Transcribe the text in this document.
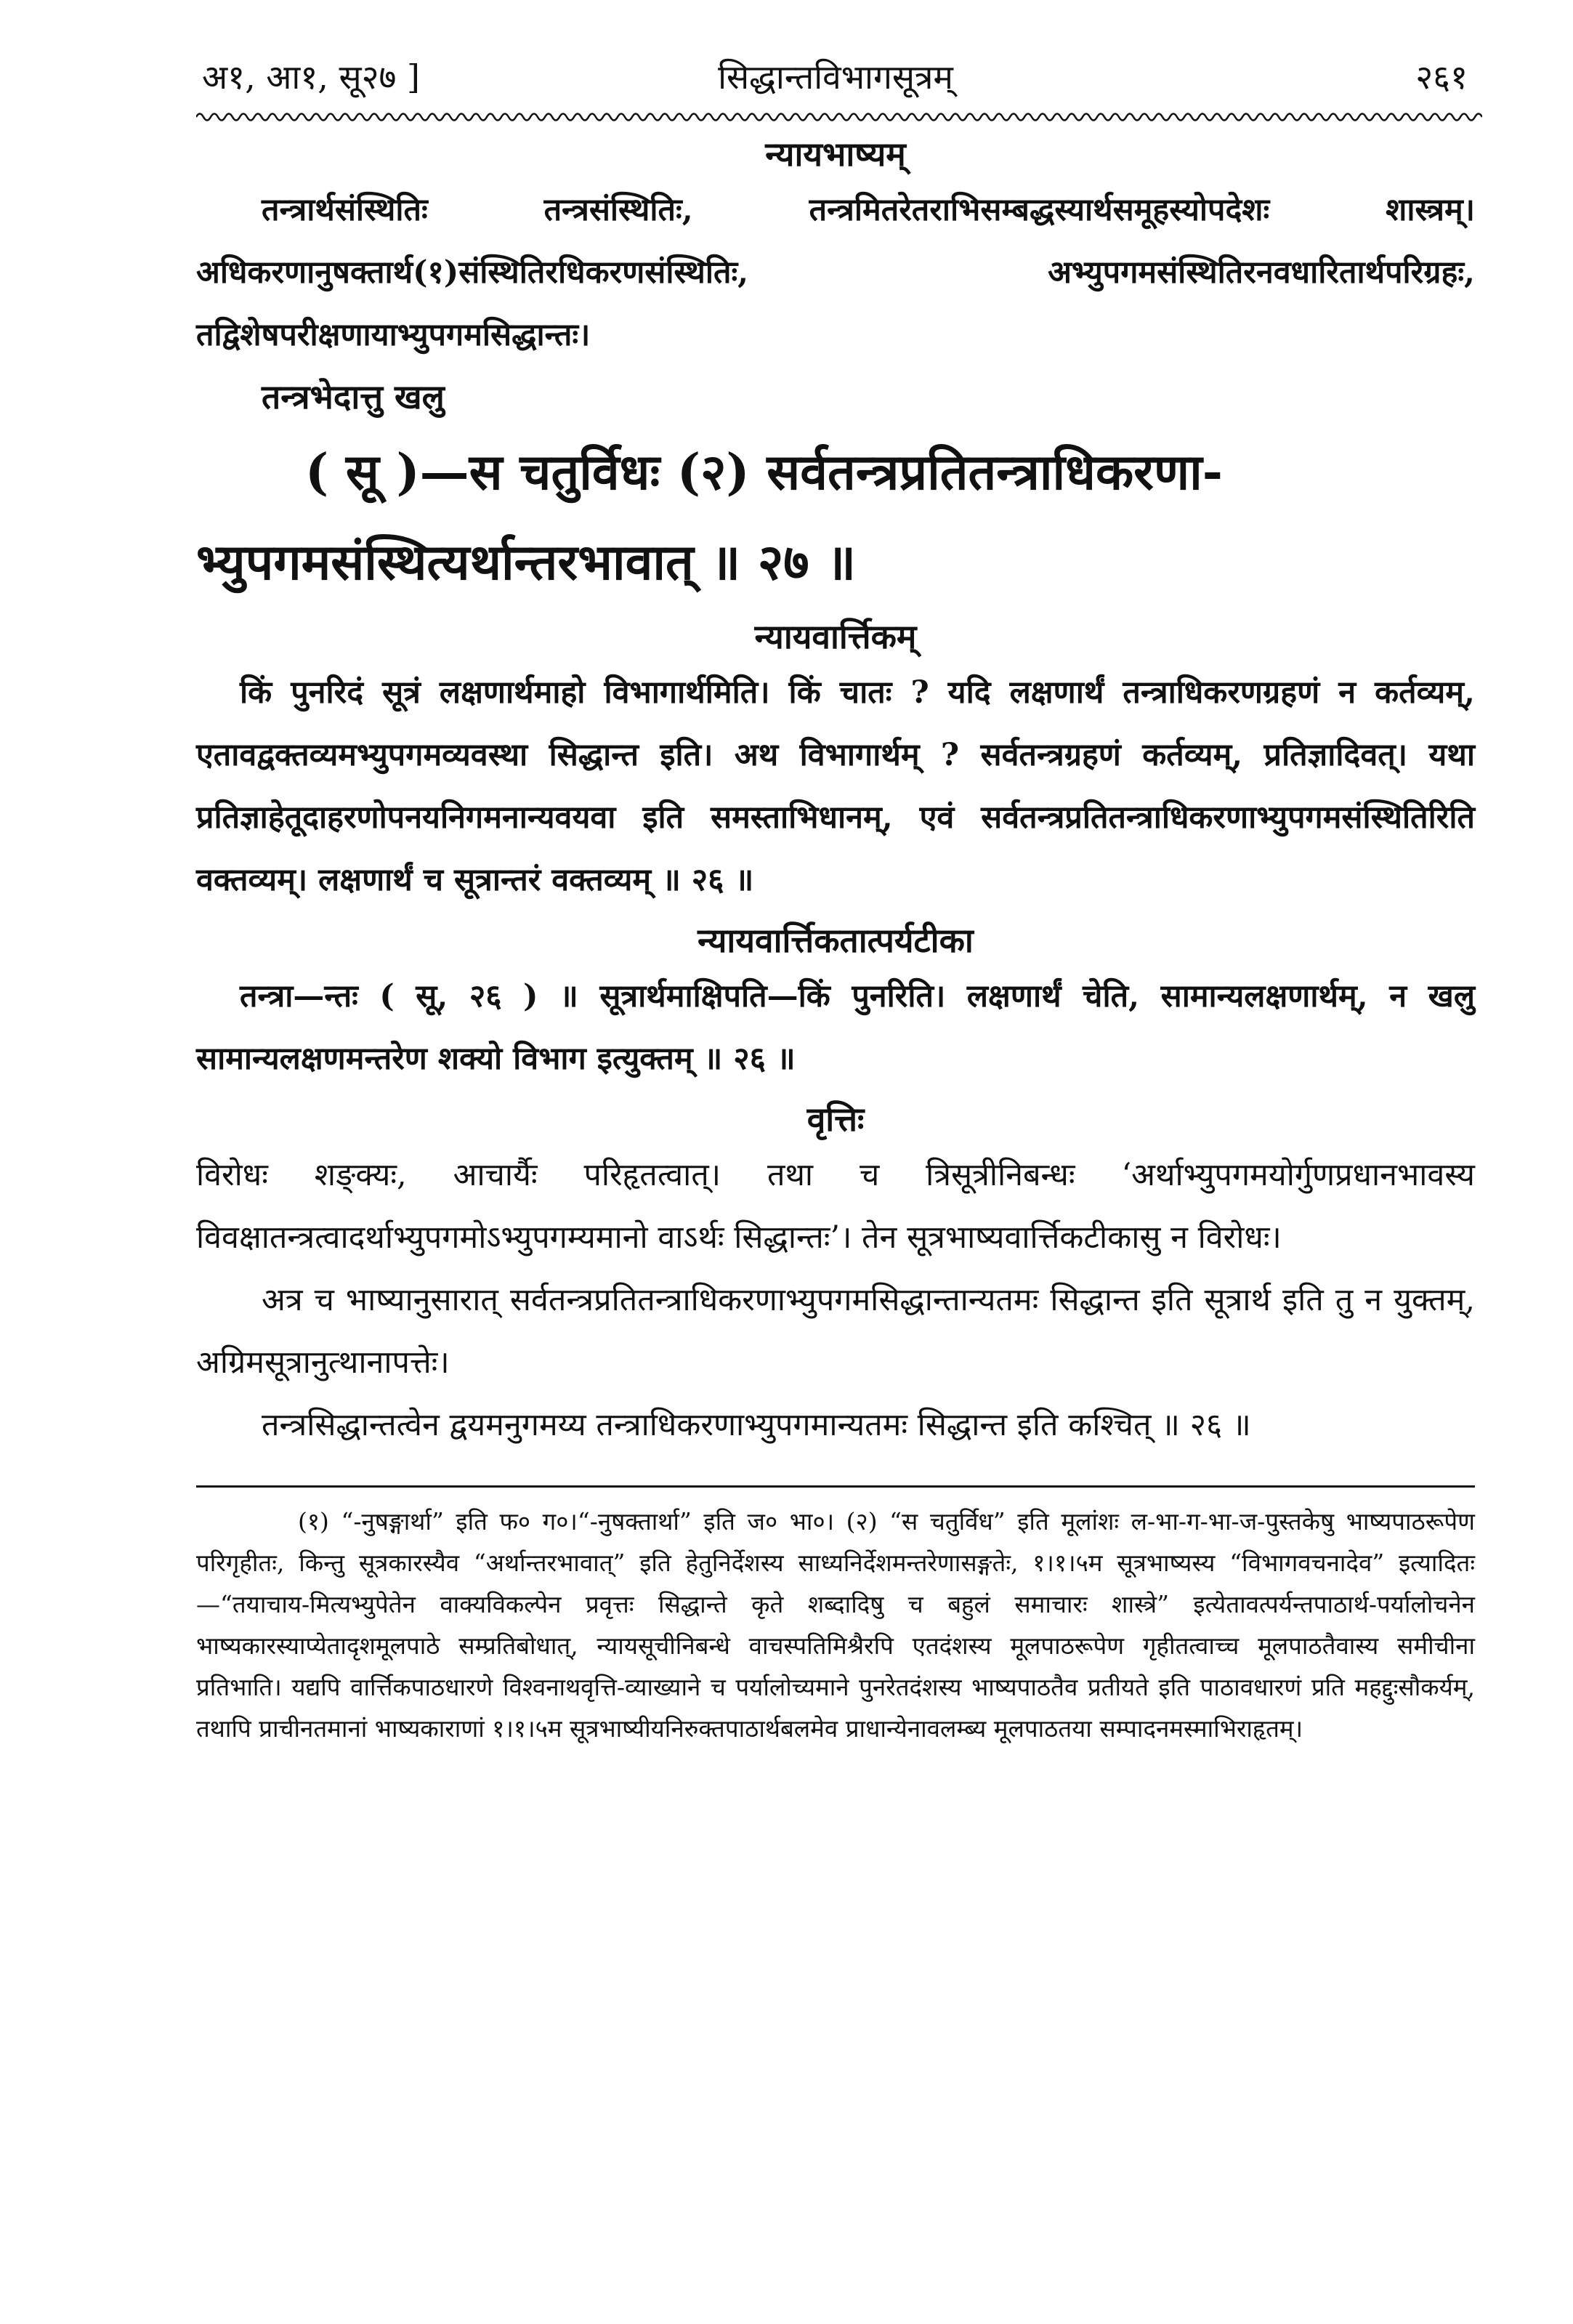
अ१, आ१, सू२७ ]	सिद्धान्तविभागसूत्रम्	२६१
न्यायभाष्यम्

तन्त्रार्थसंस्थितिः तन्त्रसंस्थितिः, तन्त्रमितरेतराभिसम्बद्धस्यार्थसमूहस्योपदेशः शास्त्रम्। अधिकरणानुषक्तार्थ(१)संस्थितिरधिकरणसंस्थितिः, अभ्युपगमसंस्थितिरनवधारितार्थपरिग्रहः, तद्विशेषपरीक्षणायाभ्युपगमसिद्धान्तः।

तन्त्रभेदात्तु खलु

( सू )—स चतुर्विधः (२) सर्वतन्त्रप्रतितन्त्राधिकरणा-
भ्युपगमसंस्थित्यर्थान्तरभावात् ॥ २७ ॥

न्यायवार्त्तिकम्

किं पुनरिदं सूत्रं लक्षणार्थमाहो विभागार्थमिति। किं चातः ? यदि लक्षणार्थं तन्त्राधिकरणग्रहणं न कर्तव्यम्, एतावद्वक्तव्यमभ्युपगमव्यवस्था सिद्धान्त इति। अथ विभागार्थम् ? सर्वतन्त्रग्रहणं कर्तव्यम्, प्रतिज्ञादिवत्। यथा प्रतिज्ञाहेतूदाहरणोपनयनिगमनान्यवयवा इति समस्ताभिधानम्, एवं सर्वतन्त्रप्रतितन्त्राधिकरणाभ्युपगमसंस्थितिरिति वक्तव्यम्। लक्षणार्थं च सूत्रान्तरं वक्तव्यम् ॥ २६ ॥

न्यायवार्त्तिकतात्पर्यटीका

तन्त्रा—न्तः ( सू, २६ ) ॥ सूत्रार्थमाक्षिपति—किं पुनरिति। लक्षणार्थं चेति, सामान्यलक्षणार्थम्, न खलु सामान्यलक्षणमन्तरेण शक्यो विभाग इत्युक्तम् ॥ २६ ॥

वृत्तिः

विरोधः शङ्क्यः, आचार्यैः परिहृतत्वात्। तथा च त्रिसूत्रीनिबन्धः ‘अर्थाभ्युपगमयोर्गुणप्रधानभावस्य विवक्षातन्त्रत्वादर्थाभ्युपगमोऽभ्युपगम्यमानो वाऽर्थः सिद्धान्तः’। तेन सूत्रभाष्यवार्त्तिकटीकासु न विरोधः।

अत्र च भाष्यानुसारात् सर्वतन्त्रप्रतितन्त्राधिकरणाभ्युपगमसिद्धान्तान्यतमः सिद्धान्त इति सूत्रार्थ इति तु न युक्तम्, अग्रिमसूत्रानुत्थानापत्तेः।

तन्त्रसिद्धान्तत्वेन द्वयमनुगमय्य तन्त्राधिकरणाभ्युपगमान्यतमः सिद्धान्त इति कश्चित् ॥ २६ ॥

(१) “-नुषङ्गार्था” इति फ० ग०।“-नुषक्तार्था” इति ज० भा०। (२) “स चतुर्विध” इति मूलांशः ल-भा-ग-भा-ज-पुस्तकेषु भाष्यपाठरूपेण परिगृहीतः, किन्तु सूत्रकारस्यैव “अर्थान्तरभावात्” इति हेतुनिर्देशस्य साध्यनिर्देशमन्तरेणासङ्गतेः, १।१।५म सूत्रभाष्यस्य “विभागवचनादेव” इत्यादितः—“तयाचाय-मित्यभ्युपेतेन वाक्यविकल्पेन प्रवृत्तः सिद्धान्ते कृते शब्दादिषु च बहुलं समाचारः शास्त्रे” इत्येतावत्पर्यन्तपाठार्थ-पर्यालोचनेन भाष्यकारस्याप्येतादृशमूलपाठे सम्प्रतिबोधात्, न्यायसूचीनिबन्धे वाचस्पतिमिश्रैरपि एतदंशस्य मूलपाठरूपेण गृहीतत्वाच्च मूलपाठतैवास्य समीचीना प्रतिभाति। यद्यपि वार्त्तिकपाठधारणे विश्वनाथवृत्ति-व्याख्याने च पर्यालोच्यमाने पुनरेतदंशस्य भाष्यपाठतैव प्रतीयते इति पाठावधारणं प्रति महद्दुःसौकर्यम्, तथापि प्राचीनतमानां भाष्यकाराणां १।१।५म सूत्रभाष्यीयनिरुक्तपाठार्थबलमेव प्राधान्येनावलम्ब्य मूलपाठतया सम्पादनमस्माभिराहृतम्।
